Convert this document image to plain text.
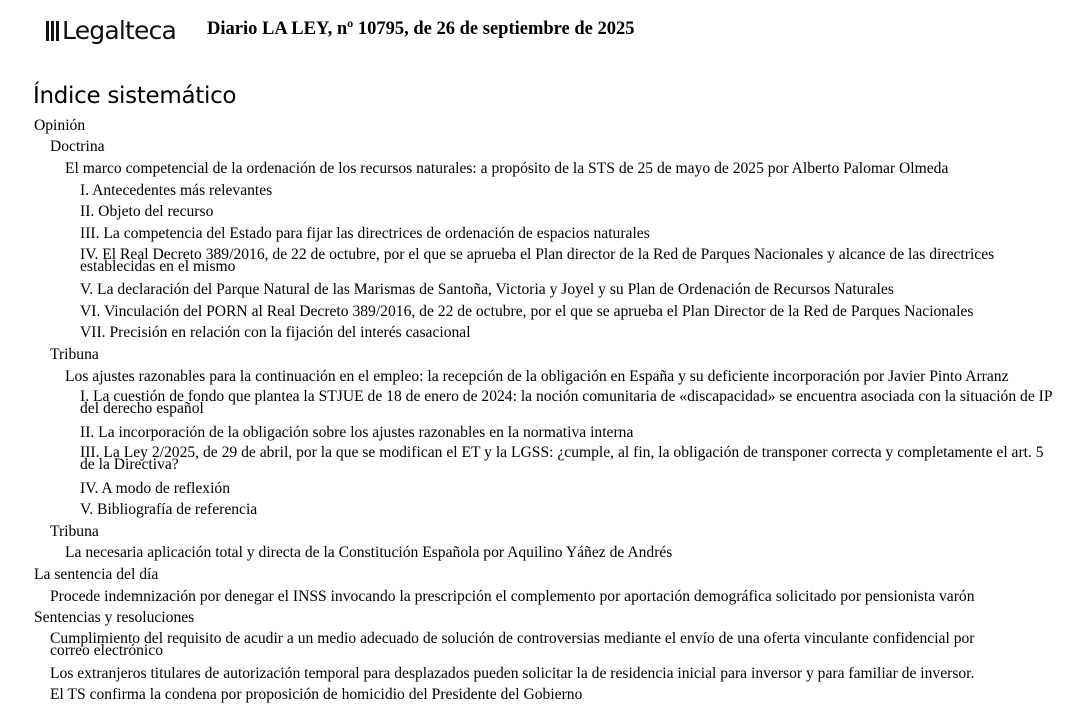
Legalteca Diario LA LEY, nº 10795, de 26 de septiembre de 2025
Índice sistemático
Opinión
Doctrina
El marco competencial de la ordenación de los recursos naturales: a propósito de la STS de 25 de mayo de 2025 por Alberto Palomar Olmeda
I. Antecedentes más relevantes
II. Objeto del recurso
III. La competencia del Estado para fijar las directrices de ordenación de espacios naturales
IV. El Real Decreto 389/2016, de 22 de octubre, por el que se aprueba el Plan director de la Red de Parques Nacionales y alcance de las directrices establecidas en el mismo
V. La declaración del Parque Natural de las Marismas de Santoña, Victoria y Joyel y su Plan de Ordenación de Recursos Naturales
VI. Vinculación del PORN al Real Decreto 389/2016, de 22 de octubre, por el que se aprueba el Plan Director de la Red de Parques Nacionales
VII. Precisión en relación con la fijación del interés casacional
Tribuna
Los ajustes razonables para la continuación en el empleo: la recepción de la obligación en España y su deficiente incorporación por Javier Pinto Arranz
I. La cuestión de fondo que plantea la STJUE de 18 de enero de 2024: la noción comunitaria de «discapacidad» se encuentra asociada con la situación de IP del derecho español
II. La incorporación de la obligación sobre los ajustes razonables en la normativa interna
III. La Ley 2/2025, de 29 de abril, por la que se modifican el ET y la LGSS: ¿cumple, al fin, la obligación de transponer correcta y completamente el art. 5 de la Directiva?
IV. A modo de reflexión
V. Bibliografía de referencia
Tribuna
La necesaria aplicación total y directa de la Constitución Española por Aquilino Yáñez de Andrés
La sentencia del día
Procede indemnización por denegar el INSS invocando la prescripción el complemento por aportación demográfica solicitado por pensionista varón
Sentencias y resoluciones
Cumplimiento del requisito de acudir a un medio adecuado de solución de controversias mediante el envío de una oferta vinculante confidencial por correo electrónico
Los extranjeros titulares de autorización temporal para desplazados pueden solicitar la de residencia inicial para inversor y para familiar de inversor.
El TS confirma la condena por proposición de homicidio del Presidente del Gobierno
